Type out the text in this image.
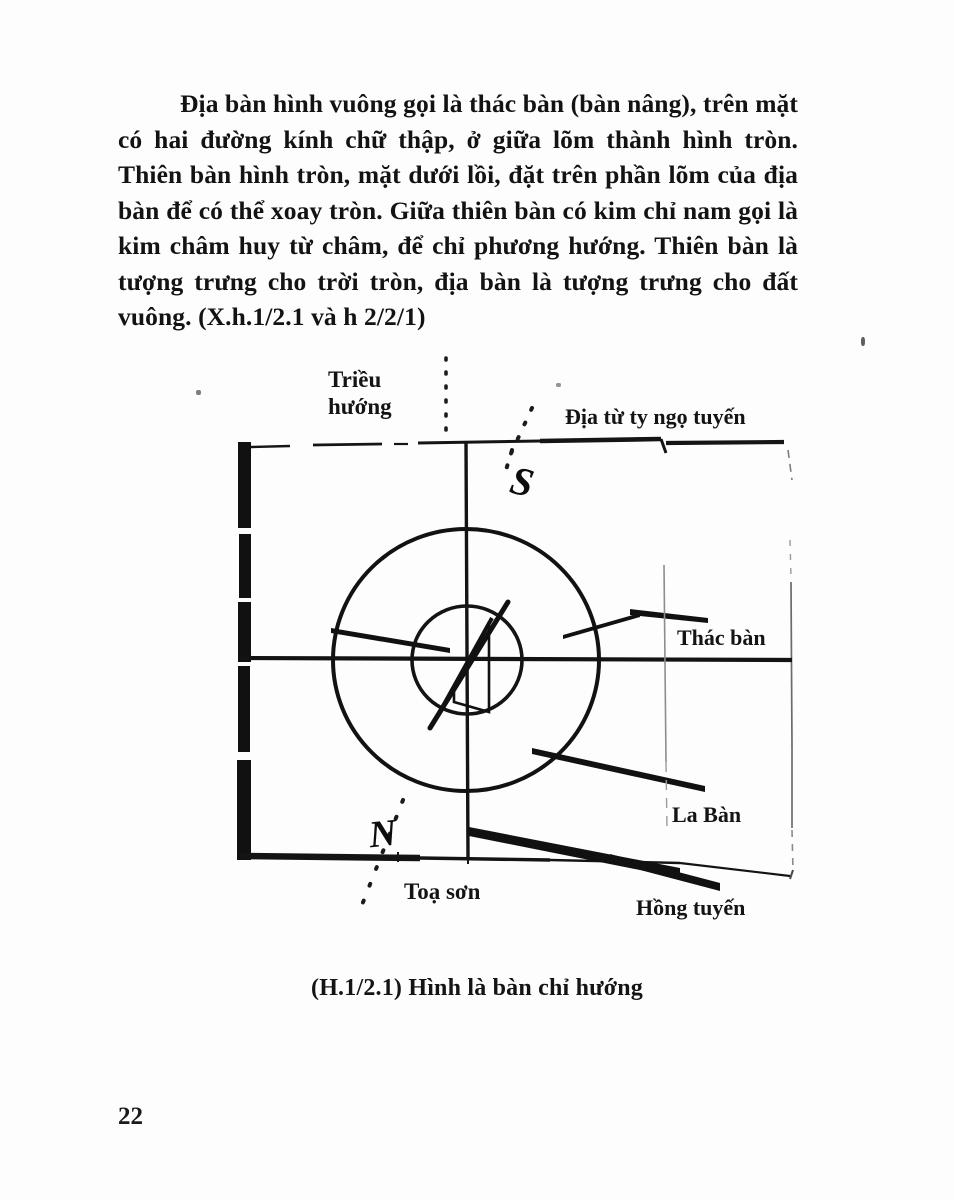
Địa bàn hình vuông gọi là thác bàn (bàn nâng), trên mặt có hai đường kính chữ thập, ở giữa lõm thành hình tròn. Thiên bàn hình tròn, mặt dưới lồi, đặt trên phần lõm của địa bàn để có thể xoay tròn. Giữa thiên bàn có kim chỉ nam gọi là kim châm huy từ châm, để chỉ phương hướng. Thiên bàn là tượng trưng cho trời tròn, địa bàn là tượng trưng cho đất vuông. (X.h.1/2.1 và h 2/2/1)

Triều
hướng	Địa từ ty ngọ tuyến
Thác bàn
La Bàn
Toạ sơn
Hồng tuyến
S
N
(H.1/2.1) Hình là bàn chỉ hướng
22
